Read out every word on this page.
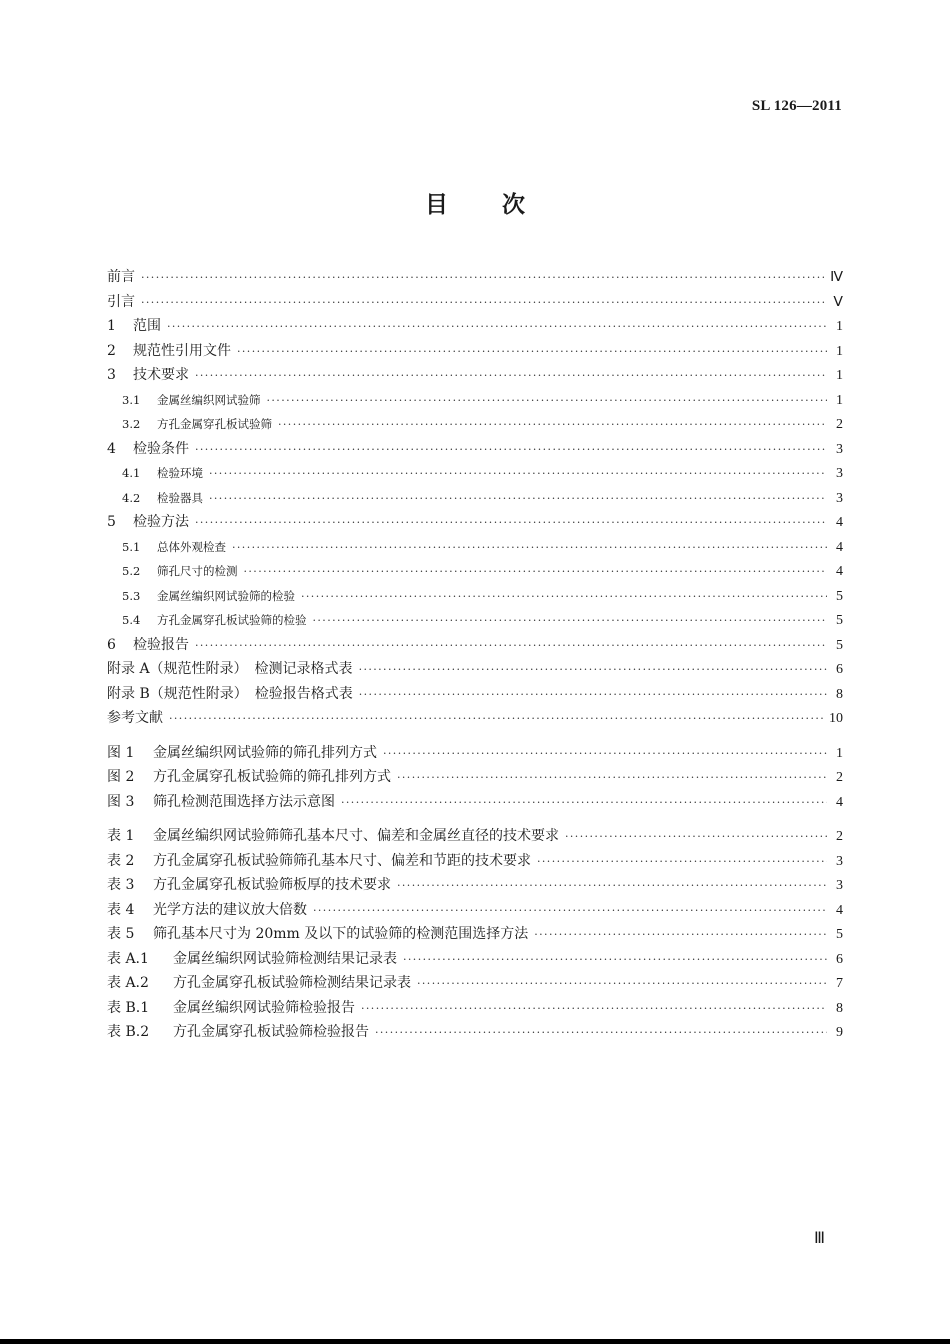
SL 126—2011
目 次
前言 ·····	Ⅳ
引言 ·····	Ⅴ
1	范围 ·····	1
2	规范性引用文件 ·····	1
3	技术要求 ·····	1
3.1	金属丝编织网试验筛 ·····	1
3.2	方孔金属穿孔板试验筛 ·····	2
4	检验条件 ·····	3
4.1	检验环境 ·····	3
4.2	检验器具 ·····	3
5	检验方法 ·····	4
5.1	总体外观检查 ·····	4
5.2	筛孔尺寸的检测 ·····	4
5.3	金属丝编织网试验筛的检验 ·····	5
5.4	方孔金属穿孔板试验筛的检验 ·····	5
6	检验报告 ·····	5
附录 A（规范性附录）　检测记录格式表 ·····	6
附录 B（规范性附录）　检验报告格式表 ·····	8
参考文献 ·····	10
图 1	金属丝编织网试验筛的筛孔排列方式 ·····	1
图 2	方孔金属穿孔板试验筛的筛孔排列方式 ·····	2
图 3	筛孔检测范围选择方法示意图 ·····	4
表 1	金属丝编织网试验筛筛孔基本尺寸、偏差和金属丝直径的技术要求 ·····	2
表 2	方孔金属穿孔板试验筛筛孔基本尺寸、偏差和节距的技术要求 ·····	3
表 3	方孔金属穿孔板试验筛板厚的技术要求 ·····	3
表 4	光学方法的建议放大倍数 ·····	4
表 5	筛孔基本尺寸为 20mm 及以下的试验筛的检测范围选择方法 ·····	5
表 A.1	金属丝编织网试验筛检测结果记录表 ·····	6
表 A.2	方孔金属穿孔板试验筛检测结果记录表 ·····	7
表 B.1	金属丝编织网试验筛检验报告 ·····	8
表 B.2	方孔金属穿孔板试验筛检验报告 ·····	9
Ⅲ
